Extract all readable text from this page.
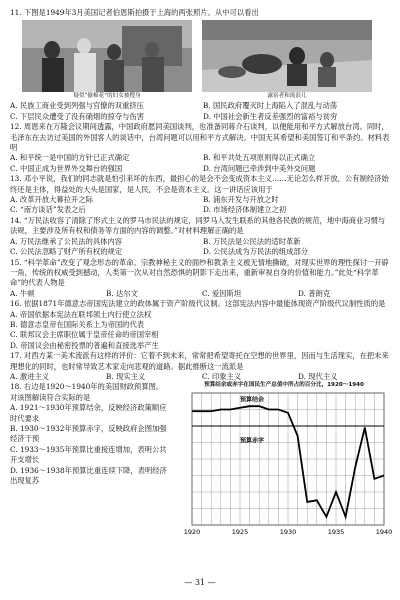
11. 下图是1949年3月美国记者伯恩斯拍摄于上海的两张照片。从中可以看出

疑似“偷棉花”的妇女被搜身	露宿者和流浪儿

A. 民族工商业受到列强与官僚的双重挤压	B. 国民政府覆灭时上海陷入了混乱与动荡

C. 下层民众遭受了没有硝烟的掠夺与伤害	D. 中国社会新生者反差强烈的富裕与贫穷

12. 周恩来在万隆会议期间透露，中国政府愿同美国谈判，也准备同蒋介石谈判，以便能用和平方式解放台湾。同时，毛泽东在去访过美国的外国客人的谈话中，台湾问题可以用和平方式解决。中国无其希望和美国签订和平条约。材料表明

A. 和平统一是中国的方针已正式确定	B. 和平共处五项原则得以正式确立

C. 中国正成为世界外交舞台的强国	D. 台湾问题已牵涉到中美外交问题

13. 邓小平说，我们的同志就是怕引来坏的东西，最担心的是会不会变成资本主义……无论怎么样开放，公有制经济始终还是主体，得益处的大头是国家，是人民，不会是资本主义。这一讲话应该用于

A. 改革开放大幕拉开之际	B. 浦东开发与开放之时

C. “南方谈话”发表之后	D. 市场经济体制建立之初

14. “万民法收容了清除了形式主义的罗马市民法的规定，同罗马人发生联系的其他各民族的规范，地中海商业习惯与法规，主要涉及所有权和债务等方面的内容的调整。”对材料理解正确的是

A. 万民法继承了公民法的具体内容	B. 万民法是公民法的适时革新

C. 公民法忽略了财产所有权的规定	D. 公民法成为万民法的组成部分

15. “科学革命”改变了观念形态的革命。宗教神秘主义的面纱和教条主义被无情地撕破，对现实世界的理性探讨一开辟一角，传统的权威受到撼动，人类第一次从对自然恐惧的阴影下走出来，重新审视自身的价值和能力。”此处“科学革命”的代表人物是

A. 牛顿	B. 达尔文	C. 爱因斯坦	D. 普朗克

16. 依据1871年德意志帝国宪法建立的政体属于资产阶级代议制。这部宪法内容中最能体现资产阶级代议制性质的是

A. 帝国依据本宪法在联邦领土内行使立法权

B. 德意志皇帝在国际关系上为帝国的代表

C. 联邦议会主席职位属于皇帝任命的帝国宰相

D. 帝国议会由秘密投票的普遍和直接选举产生

17. 对西方某一美术流派有这样的评价：它着不到未来，常常把希望寄托在空想的世界里，因而与生活现实，在把未来理想化的同时，也时常导致艺术家走向悲观的道路。据此推断这一流派是

A. 激进主义	B. 现实主义	C. 印象主义	D. 现代主义

18. 右边是1920～1940年的美国财政预算图。对该图解读符合实际的是

A. 1921～1930年预算结余，反映经济政策顺应时代要求

B. 1930～1932年预算赤字，反映政府企图加强经济干预

C. 1933～1935年预算比重接连增加，表明公共开支增长

D. 1936～1938年预算比重连续下降，表明经济出现复苏

预算结余或赤字在国民生产总值中所占的百分比，1920～1940
1920	1925	1930	1935	1940
预算结余
预算赤字
— 31 —
